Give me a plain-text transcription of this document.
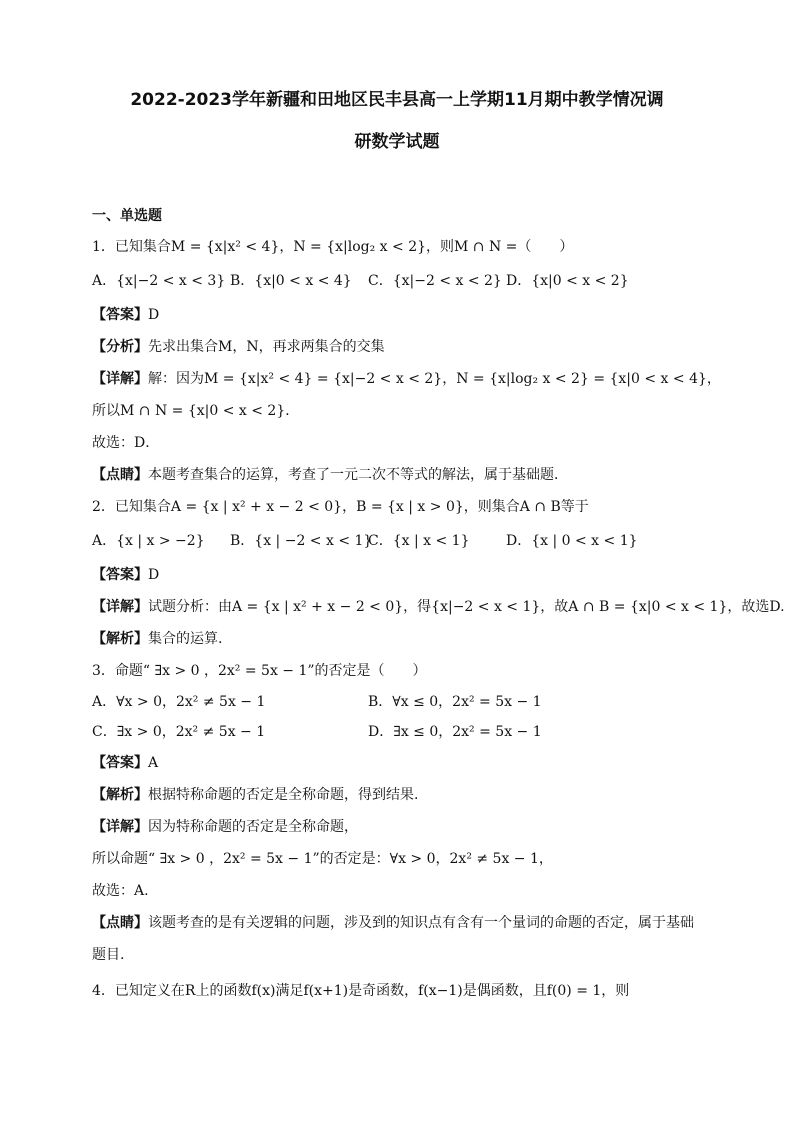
2022-2023学年新疆和田地区民丰县高一上学期11月期中教学情况调
研数学试题
一、单选题
1．已知集合M = {x|x² < 4}，N = {x|log₂ x < 2}，则M ∩ N =（　　）
A．{x|−2 < x < 3} B．{x|0 < x < 4}	C．{x|−2 < x < 2} D．{x|0 < x < 2}
【答案】D
【分析】先求出集合M，N，再求两集合的交集
【详解】解：因为M = {x|x² < 4} = {x|−2 < x < 2}，N = {x|log₂ x < 2} = {x|0 < x < 4}，
所以M ∩ N = {x|0 < x < 2}．
故选：D．
【点睛】本题考查集合的运算，考查了一元二次不等式的解法，属于基础题．
2．已知集合A = {x | x² + x − 2 < 0}，B = {x | x > 0}，则集合A ∩ B等于
A．{x | x > −2}	B．{x | −2 < x < 1}
C．{x | x < 1}	D．{x | 0 < x < 1}
【答案】D
【详解】试题分析：由A = {x | x² + x − 2 < 0}，得{x|−2 < x < 1}，故A ∩ B = {x|0 < x < 1}，故选D.
【解析】集合的运算.
3．命题“ ∃x > 0 ，2x² = 5x − 1”的否定是（　　）
A．∀x > 0，2x² ≠ 5x − 1	B．∀x ≤ 0，2x² = 5x − 1
C．∃x > 0，2x² ≠ 5x − 1	D．∃x ≤ 0，2x² = 5x − 1
【答案】A
【解析】根据特称命题的否定是全称命题，得到结果.
【详解】因为特称命题的否定是全称命题，
所以命题“ ∃x > 0 ，2x² = 5x − 1”的否定是：∀x > 0，2x² ≠ 5x − 1，
故选：A.
【点睛】该题考查的是有关逻辑的问题，涉及到的知识点有含有一个量词的命题的否定，属于基础题目.
4．已知定义在R上的函数f(x)满足f(x+1)是奇函数，f(x−1)是偶函数，且f(0) = 1，则
